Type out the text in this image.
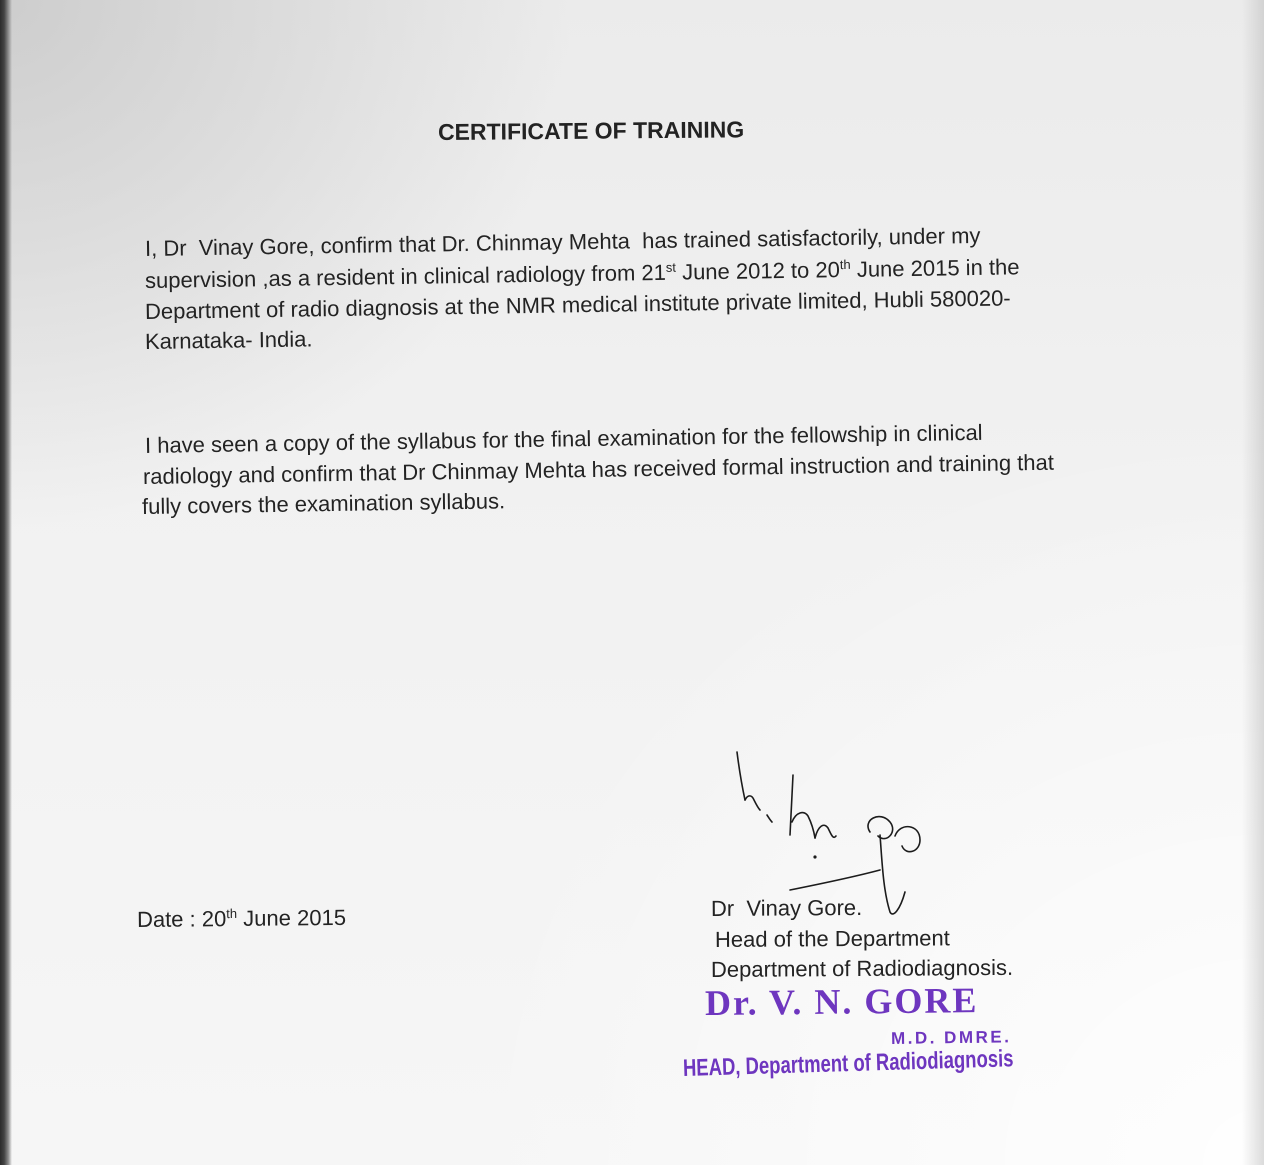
CERTIFICATE OF TRAINING
I, Dr  Vinay Gore, confirm that Dr. Chinmay Mehta  has trained satisfactorily, under my
supervision ,as a resident in clinical radiology from 21st June 2012 to 20th June 2015 in the
Department of radio diagnosis at the NMR medical institute private limited, Hubli 580020-
Karnataka- India.
I have seen a copy of the syllabus for the final examination for the fellowship in clinical
radiology and confirm that Dr Chinmay Mehta has received formal instruction and training that
fully covers the examination syllabus.
Date : 20th June 2015	Dr  Vinay Gore.
Head of the Department
Department of Radiodiagnosis.
Dr. V. N. GORE
M.D. DMRE.
HEAD, Department of Radiodiagnosis
